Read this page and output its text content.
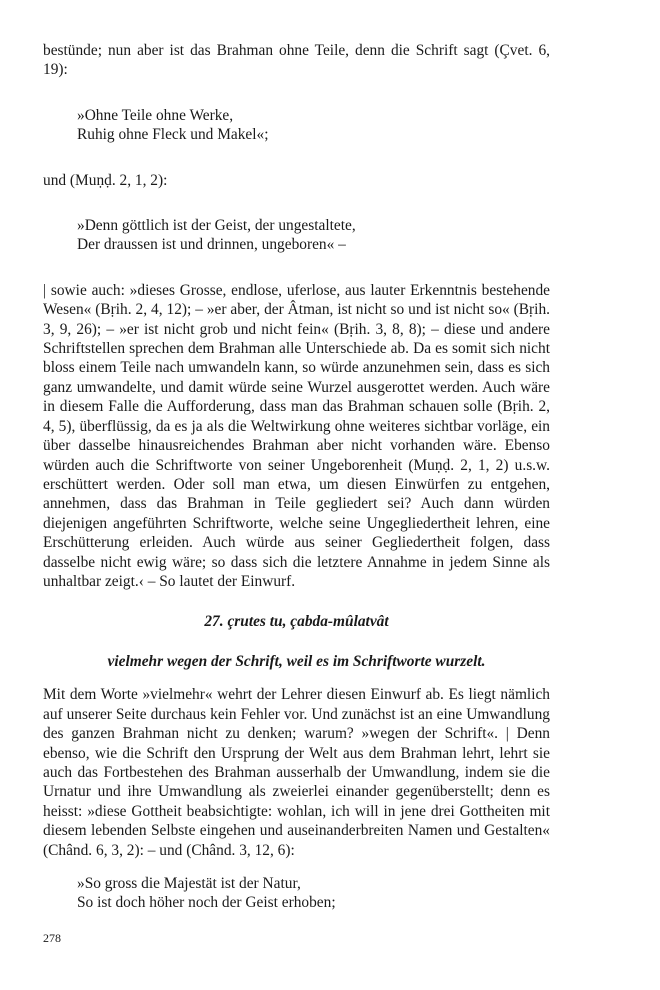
bestünde; nun aber ist das Brahman ohne Teile, denn die Schrift sagt (Çvet. 6, 19):

»Ohne Teile ohne Werke,
Ruhig ohne Fleck und Makel«;

und (Muṇḍ. 2, 1, 2):

»Denn göttlich ist der Geist, der ungestaltete,
Der draussen ist und drinnen, ungeboren« –

| sowie auch: »dieses Grosse, endlose, uferlose, aus lauter Erkenntnis bestehende Wesen« (Bṛih. 2, 4, 12); – »er aber, der Âtman, ist nicht so und ist nicht so« (Bṛih. 3, 9, 26); – »er ist nicht grob und nicht fein« (Bṛih. 3, 8, 8); – diese und andere Schriftstellen sprechen dem Brahman alle Unterschiede ab. Da es somit sich nicht bloss einem Teile nach umwandeln kann, so würde anzunehmen sein, dass es sich ganz umwandelte, und damit würde seine Wurzel ausgerottet werden. Auch wäre in diesem Falle die Aufforderung, dass man das Brahman schauen solle (Bṛih. 2, 4, 5), überflüssig, da es ja als die Weltwirkung ohne weiteres sichtbar vorläge, ein über dasselbe hinausreichendes Brahman aber nicht vorhanden wäre. Ebenso würden auch die Schriftworte von seiner Ungeborenheit (Muṇḍ. 2, 1, 2) u.s.w. erschüttert werden. Oder soll man etwa, um diesen Einwürfen zu entgehen, annehmen, dass das Brahman in Teile gegliedert sei? Auch dann würden diejenigen angeführten Schriftworte, welche seine Ungegliedertheit lehren, eine Erschütterung erleiden. Auch würde aus seiner Gegliedertheit folgen, dass dasselbe nicht ewig wäre; so dass sich die letztere Annahme in jedem Sinne als unhaltbar zeigt.‹ – So lautet der Einwurf.

27. çrutes tu, çabda-mûlatvât

vielmehr wegen der Schrift, weil es im Schriftworte wurzelt.

Mit dem Worte »vielmehr« wehrt der Lehrer diesen Einwurf ab. Es liegt nämlich auf unserer Seite durchaus kein Fehler vor. Und zunächst ist an eine Umwandlung des ganzen Brahman nicht zu denken; warum? »wegen der Schrift«. | Denn ebenso, wie die Schrift den Ursprung der Welt aus dem Brahman lehrt, lehrt sie auch das Fortbestehen des Brahman ausserhalb der Umwandlung, indem sie die Urnatur und ihre Umwandlung als zweierlei einander gegenüberstellt; denn es heisst: »diese Gottheit beabsichtigte: wohlan, ich will in jene drei Gottheiten mit diesem lebenden Selbste eingehen und auseinanderbreiten Namen und Gestalten« (Chând. 6, 3, 2): – und (Chând. 3, 12, 6):

»So gross die Majestät ist der Natur,
So ist doch höher noch der Geist erhoben;
278
